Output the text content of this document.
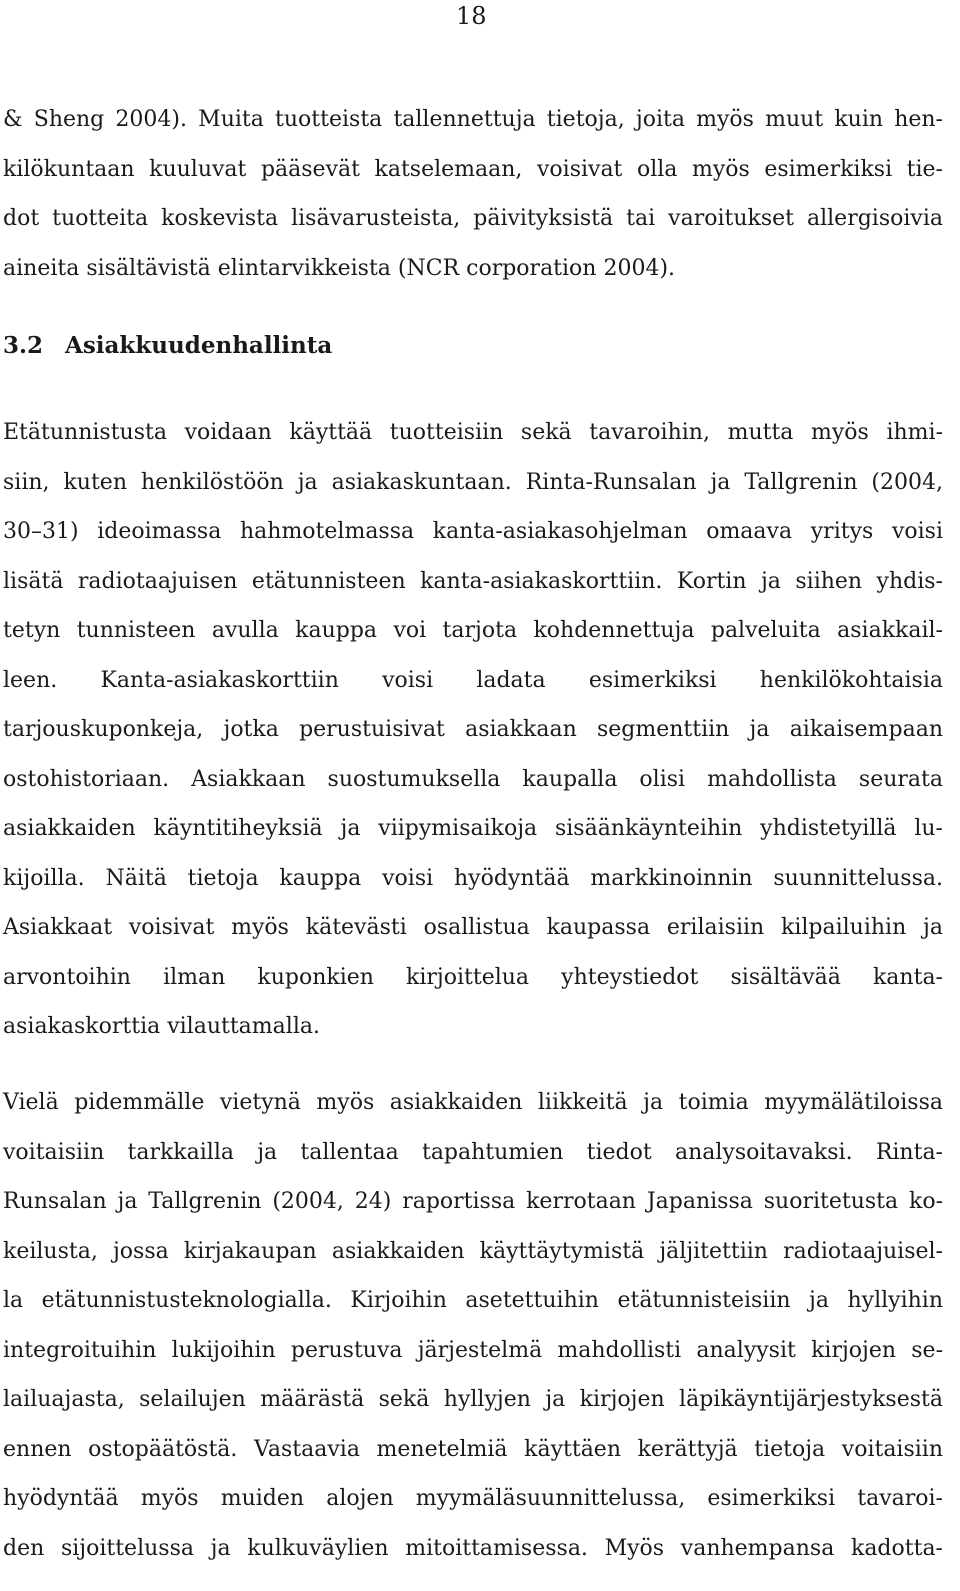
18
& Sheng 2004). Muita tuotteista tallennettuja tietoja, joita myös muut kuin hen-
kilökuntaan kuuluvat pääsevät katselemaan, voisivat olla myös esimerkiksi tie-
dot tuotteita koskevista lisävarusteista, päivityksistä tai varoitukset allergisoivia
aineita sisältävistä elintarvikkeista (NCR corporation 2004).
3.2 Asiakkuudenhallinta
Etätunnistusta voidaan käyttää tuotteisiin sekä tavaroihin, mutta myös ihmi-
siin, kuten henkilöstöön ja asiakaskuntaan. Rinta-Runsalan ja Tallgrenin (2004,
30–31) ideoimassa hahmotelmassa kanta-asiakasohjelman omaava yritys voisi
lisätä radiotaajuisen etätunnisteen kanta-asiakaskorttiin. Kortin ja siihen yhdis-
tetyn tunnisteen avulla kauppa voi tarjota kohdennettuja palveluita asiakkail-
leen. Kanta-asiakaskorttiin voisi ladata esimerkiksi henkilökohtaisia
tarjouskuponkeja, jotka perustuisivat asiakkaan segmenttiin ja aikaisempaan
ostohistoriaan. Asiakkaan suostumuksella kaupalla olisi mahdollista seurata
asiakkaiden käyntitiheyksiä ja viipymisaikoja sisäänkäynteihin yhdistetyillä lu-
kijoilla. Näitä tietoja kauppa voisi hyödyntää markkinoinnin suunnittelussa.
Asiakkaat voisivat myös kätevästi osallistua kaupassa erilaisiin kilpailuihin ja
arvontoihin ilman kuponkien kirjoittelua yhteystiedot sisältävää kanta-
asiakaskorttia vilauttamalla.
Vielä pidemmälle vietynä myös asiakkaiden liikkeitä ja toimia myymälätiloissa
voitaisiin tarkkailla ja tallentaa tapahtumien tiedot analysoitavaksi. Rinta-
Runsalan ja Tallgrenin (2004, 24) raportissa kerrotaan Japanissa suoritetusta ko-
keilusta, jossa kirjakaupan asiakkaiden käyttäytymistä jäljitettiin radiotaajuisel-
la etätunnistusteknologialla. Kirjoihin asetettuihin etätunnisteisiin ja hyllyihin
integroituihin lukijoihin perustuva järjestelmä mahdollisti analyysit kirjojen se-
lailuajasta, selailujen määrästä sekä hyllyjen ja kirjojen läpikäyntijärjestyksestä
ennen ostopäätöstä. Vastaavia menetelmiä käyttäen kerättyjä tietoja voitaisiin
hyödyntää myös muiden alojen myymäläsuunnittelussa, esimerkiksi tavaroi-
den sijoittelussa ja kulkuväylien mitoittamisessa. Myös vanhempansa kadotta-
